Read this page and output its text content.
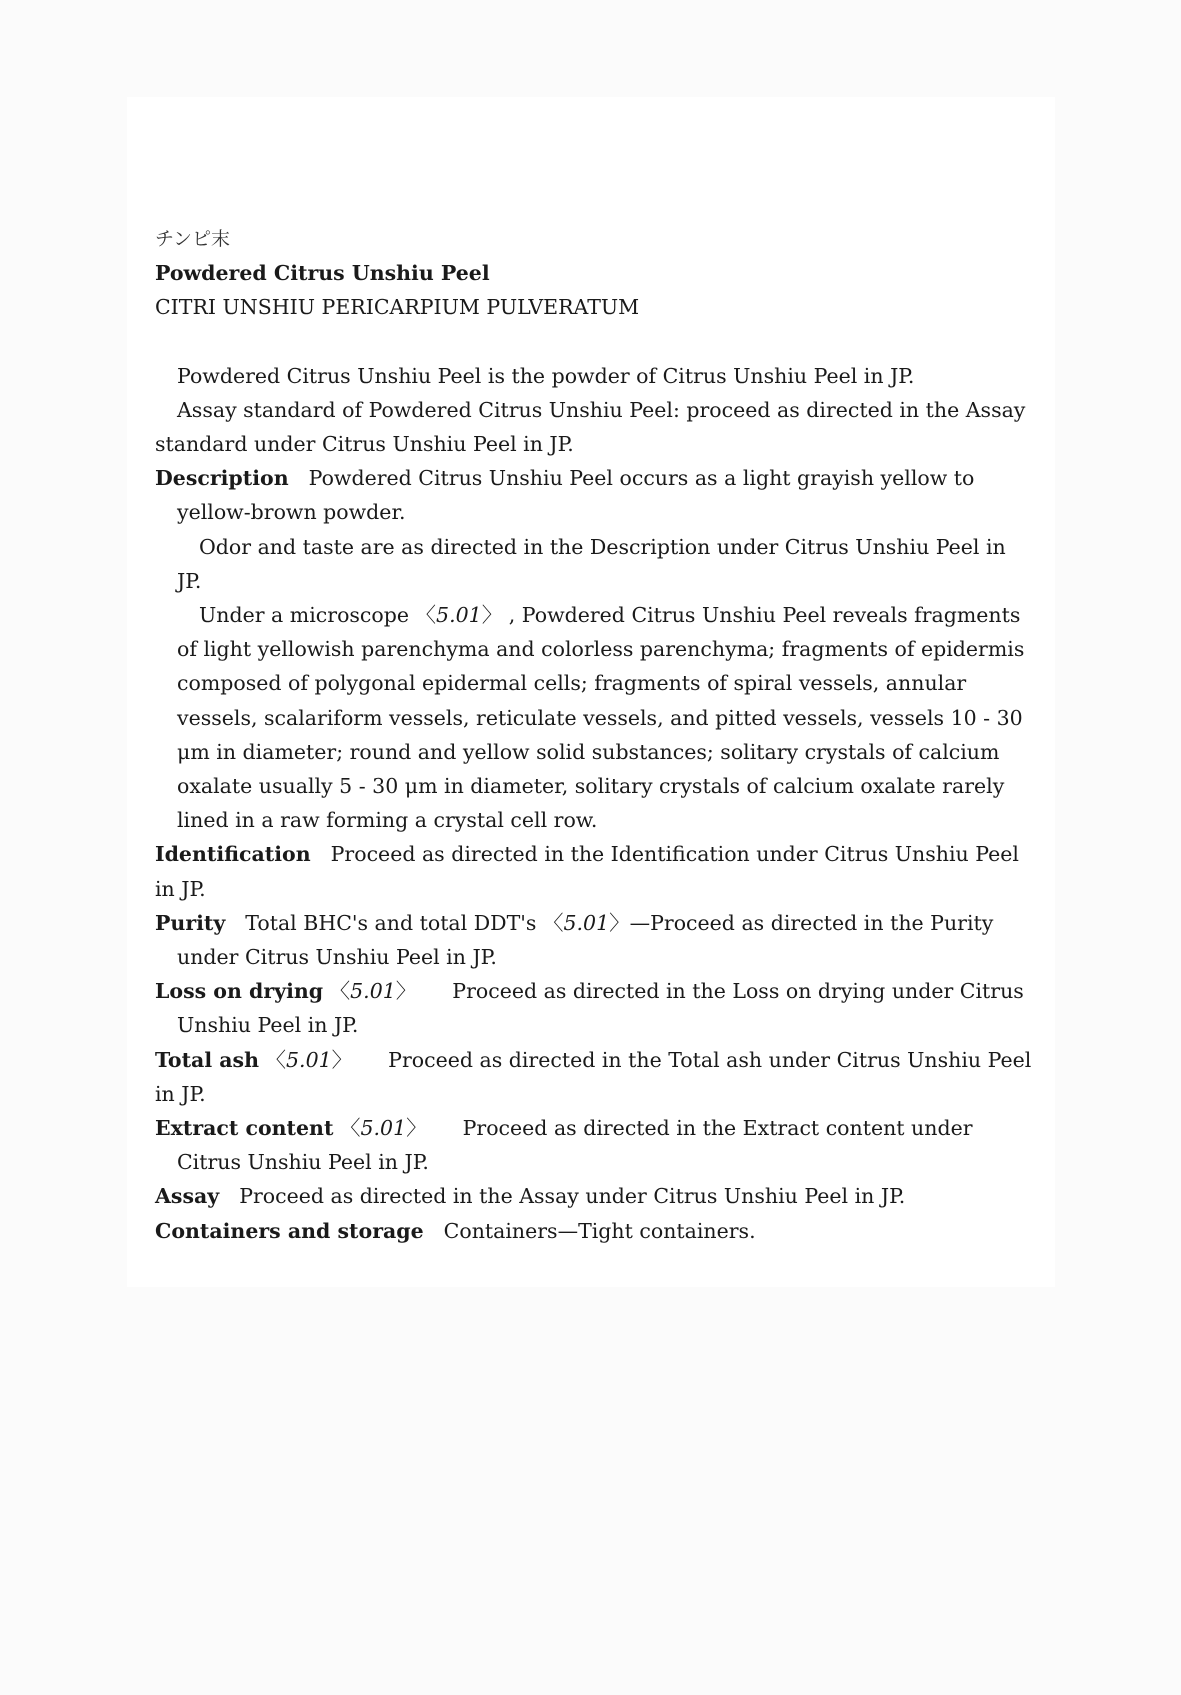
チンピ末
Powdered Citrus Unshiu Peel
CITRI UNSHIU PERICARPIUM PULVERATUM
Powdered Citrus Unshiu Peel is the powder of Citrus Unshiu Peel in JP.
Assay standard of Powdered Citrus Unshiu Peel: proceed as directed in the Assay standard under Citrus Unshiu Peel in JP.
Description Powdered Citrus Unshiu Peel occurs as a light grayish yellow to yellow-brown powder.
Odor and taste are as directed in the Description under Citrus Unshiu Peel in JP.
Under a microscope 〈5.01〉 , Powdered Citrus Unshiu Peel reveals fragments of light yellowish parenchyma and colorless parenchyma; fragments of epidermis composed of polygonal epidermal cells; fragments of spiral vessels, annular vessels, scalariform vessels, reticulate vessels, and pitted vessels, vessels 10 - 30 μm in diameter; round and yellow solid substances; solitary crystals of calcium oxalate usually 5 - 30 μm in diameter, solitary crystals of calcium oxalate rarely lined in a raw forming a crystal cell row.
Identification Proceed as directed in the Identification under Citrus Unshiu Peel in JP.
Purity Total BHC's and total DDT's 〈5.01〉—Proceed as directed in the Purity under Citrus Unshiu Peel in JP.
Loss on drying 〈5.01〉 Proceed as directed in the Loss on drying under Citrus Unshiu Peel in JP.
Total ash 〈5.01〉 Proceed as directed in the Total ash under Citrus Unshiu Peel in JP.
Extract content 〈5.01〉 Proceed as directed in the Extract content under Citrus Unshiu Peel in JP.
Assay Proceed as directed in the Assay under Citrus Unshiu Peel in JP.
Containers and storage Containers—Tight containers.
